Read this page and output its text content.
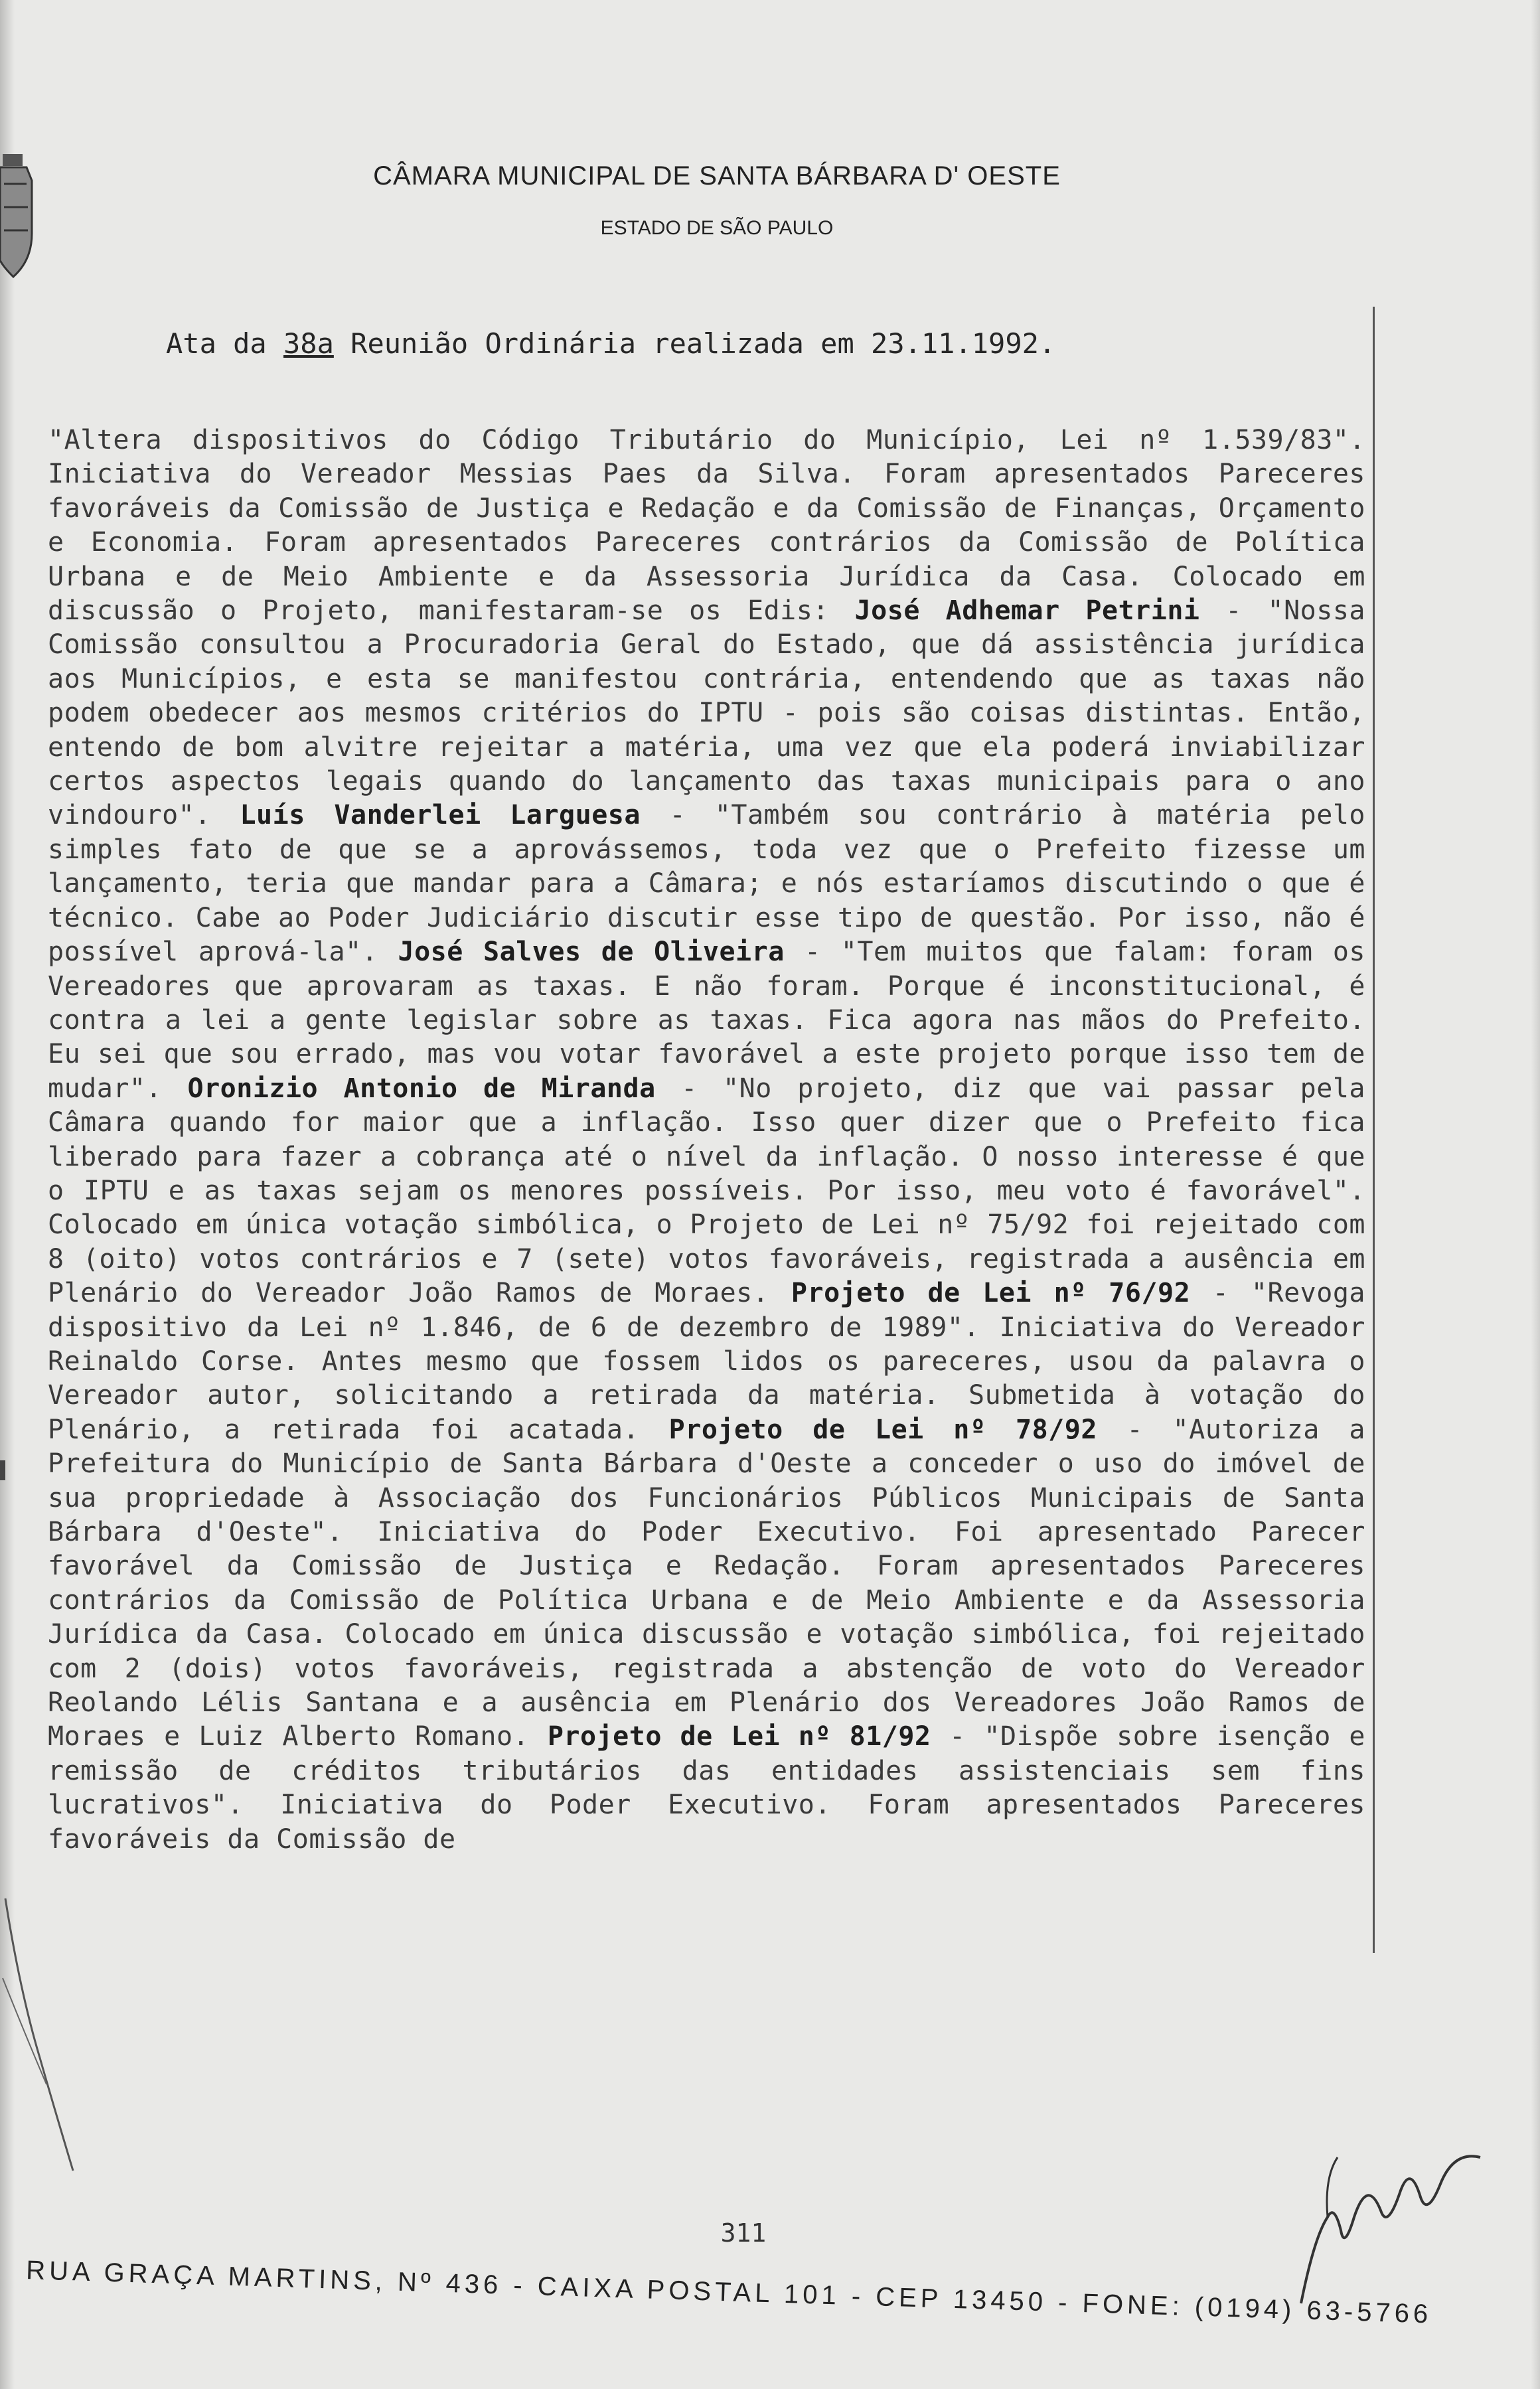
CÂMARA MUNICIPAL DE SANTA BÁRBARA D' OESTE
ESTADO DE SÃO PAULO
Ata da 38a Reunião Ordinária realizada em 23.11.1992.
"Altera dispositivos do Código Tributário do Município, Lei nº 1.539/83". Iniciativa do Vereador Messias Paes da Silva. Foram apresentados Pareceres favoráveis da Comissão de Justiça e Redação e da Comissão de Finanças, Orçamento e Economia. Foram apresentados Pareceres contrários da Comissão de Política Urbana e de Meio Ambiente e da Assessoria Jurídica da Casa. Colocado em discussão o Projeto, manifestaram-se os Edis: José Adhemar Petrini - "Nossa Comissão consultou a Procuradoria Geral do Estado, que dá assistência jurídica aos Municípios, e esta se manifestou contrária, entendendo que as taxas não podem obedecer aos mesmos critérios do IPTU - pois são coisas distintas. Então, entendo de bom alvitre rejeitar a matéria, uma vez que ela poderá inviabilizar certos aspectos legais quando do lançamento das taxas municipais para o ano vindouro". Luís Vanderlei Larguesa - "Também sou contrário à matéria pelo simples fato de que se a aprovássemos, toda vez que o Prefeito fizesse um lançamento, teria que mandar para a Câmara; e nós estaríamos discutindo o que é técnico. Cabe ao Poder Judiciário discutir esse tipo de questão. Por isso, não é possível aprová-la". José Salves de Oliveira - "Tem muitos que falam: foram os Vereadores que aprovaram as taxas. E não foram. Porque é inconstitucional, é contra a lei a gente legislar sobre as taxas. Fica agora nas mãos do Prefeito. Eu sei que sou errado, mas vou votar favorável a este projeto porque isso tem de mudar". Oronizio Antonio de Miranda - "No projeto, diz que vai passar pela Câmara quando for maior que a inflação. Isso quer dizer que o Prefeito fica liberado para fazer a cobrança até o nível da inflação. O nosso interesse é que o IPTU e as taxas sejam os menores possíveis. Por isso, meu voto é favorável". Colocado em única votação simbólica, o Projeto de Lei nº 75/92 foi rejeitado com 8 (oito) votos contrários e 7 (sete) votos favoráveis, registrada a ausência em Plenário do Vereador João Ramos de Moraes. Projeto de Lei nº 76/92 - "Revoga dispositivo da Lei nº 1.846, de 6 de dezembro de 1989". Iniciativa do Vereador Reinaldo Corse. Antes mesmo que fossem lidos os pareceres, usou da palavra o Vereador autor, solicitando a retirada da matéria. Submetida à votação do Plenário, a retirada foi acatada. Projeto de Lei nº 78/92 - "Autoriza a Prefeitura do Município de Santa Bárbara d'Oeste a conceder o uso do imóvel de sua propriedade à Associação dos Funcionários Públicos Municipais de Santa Bárbara d'Oeste". Iniciativa do Poder Executivo. Foi apresentado Parecer favorável da Comissão de Justiça e Redação. Foram apresentados Pareceres contrários da Comissão de Política Urbana e de Meio Ambiente e da Assessoria Jurídica da Casa. Colocado em única discussão e votação simbólica, foi rejeitado com 2 (dois) votos favoráveis, registrada a abstenção de voto do Vereador Reolando Lélis Santana e a ausência em Plenário dos Vereadores João Ramos de Moraes e Luiz Alberto Romano. Projeto de Lei nº 81/92 - "Dispõe sobre isenção e remissão de créditos tributários das entidades assistenciais sem fins lucrativos". Iniciativa do Poder Executivo. Foram apresentados Pareceres favoráveis da Comissão de
311
RUA GRAÇA MARTINS, Nº 436 - CAIXA POSTAL 101 - CEP 13450 - FONE: (0194) 63-5766
